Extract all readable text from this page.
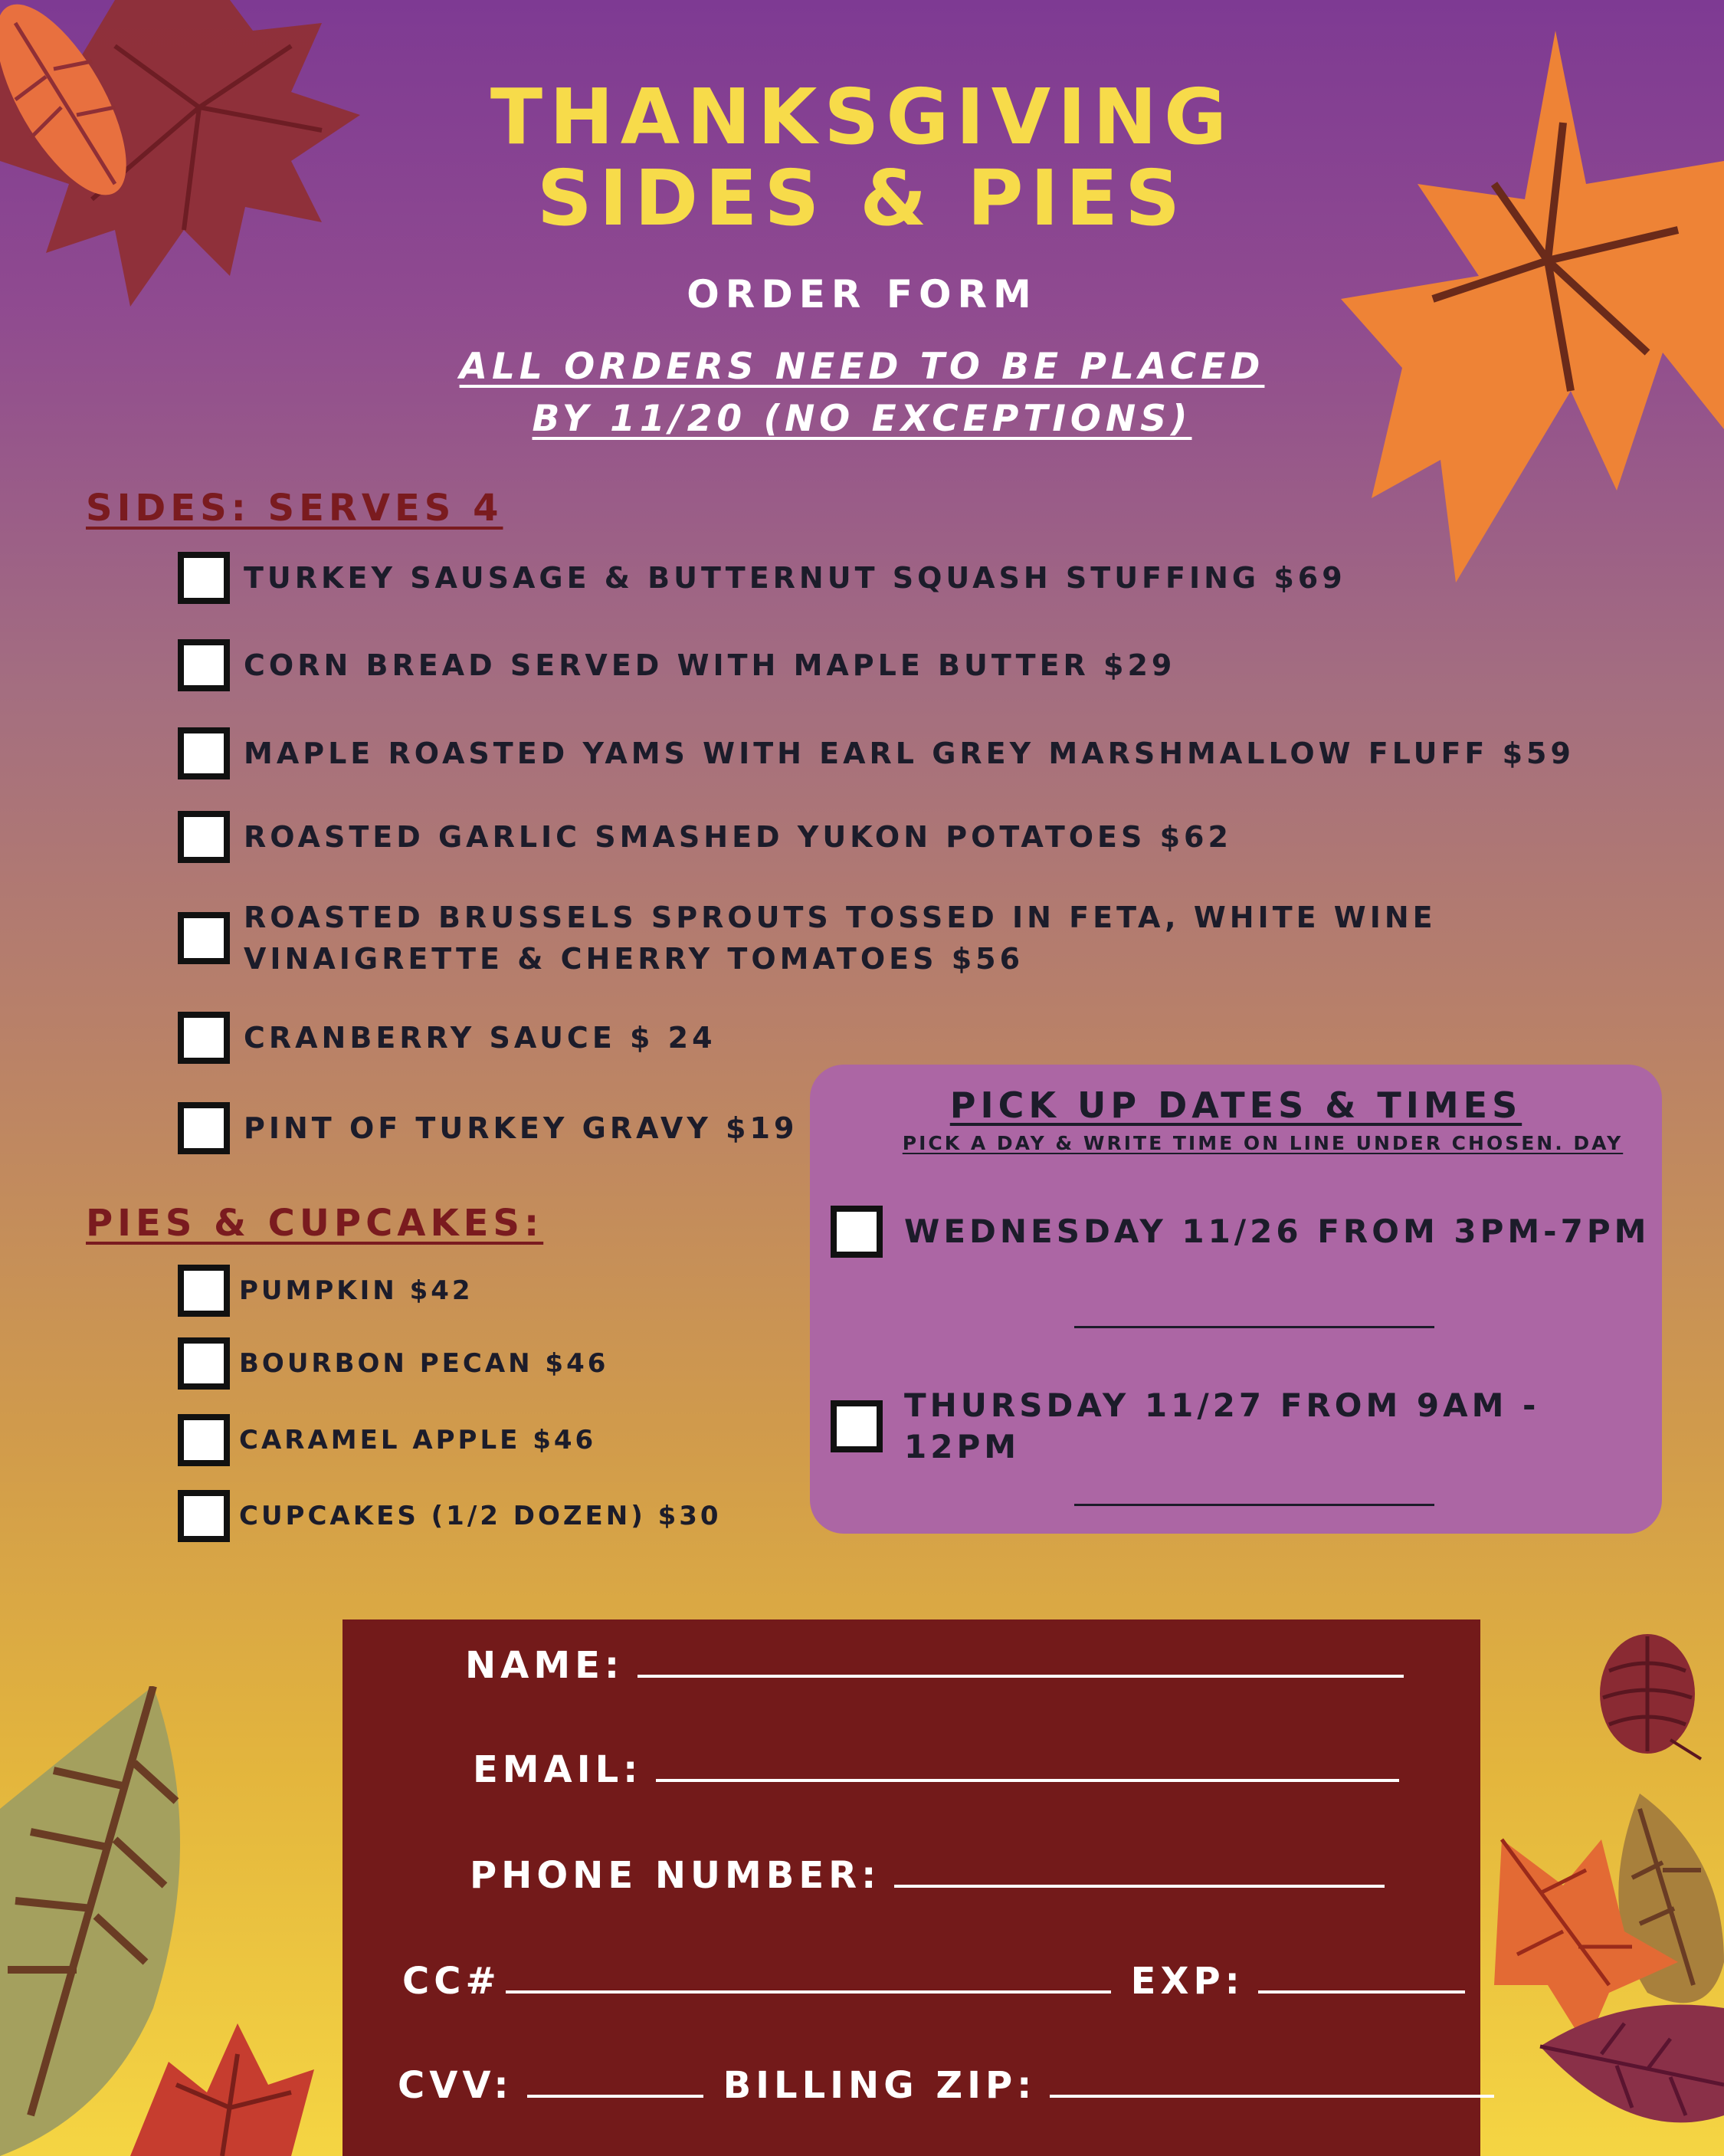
THANKSGIVING
SIDES & PIES
ORDER FORM
ALL ORDERS NEED TO BE PLACED
BY 11/20 (NO EXCEPTIONS)
SIDES: SERVES 4
TURKEY SAUSAGE & BUTTERNUT SQUASH STUFFING $69
CORN BREAD SERVED WITH MAPLE BUTTER $29
MAPLE ROASTED YAMS WITH EARL GREY MARSHMALLOW FLUFF $59
ROASTED GARLIC SMASHED YUKON POTATOES $62
ROASTED BRUSSELS SPROUTS TOSSED IN FETA, WHITE WINE
VINAIGRETTE & CHERRY TOMATOES $56
CRANBERRY SAUCE $ 24
PINT OF TURKEY GRAVY $19
PIES & CUPCAKES:
PUMPKIN $42
BOURBON PECAN $46
CARAMEL APPLE $46
CUPCAKES (1/2 DOZEN) $30
PICK UP DATES & TIMES
PICK A DAY & WRITE TIME ON LINE UNDER CHOSEN. DAY
WEDNESDAY 11/26 FROM 3PM-7PM
THURSDAY 11/27 FROM 9AM - 12PM
NAME:
EMAIL:
PHONE NUMBER:
CC#	EXP:
CVV:	BILLING ZIP:
